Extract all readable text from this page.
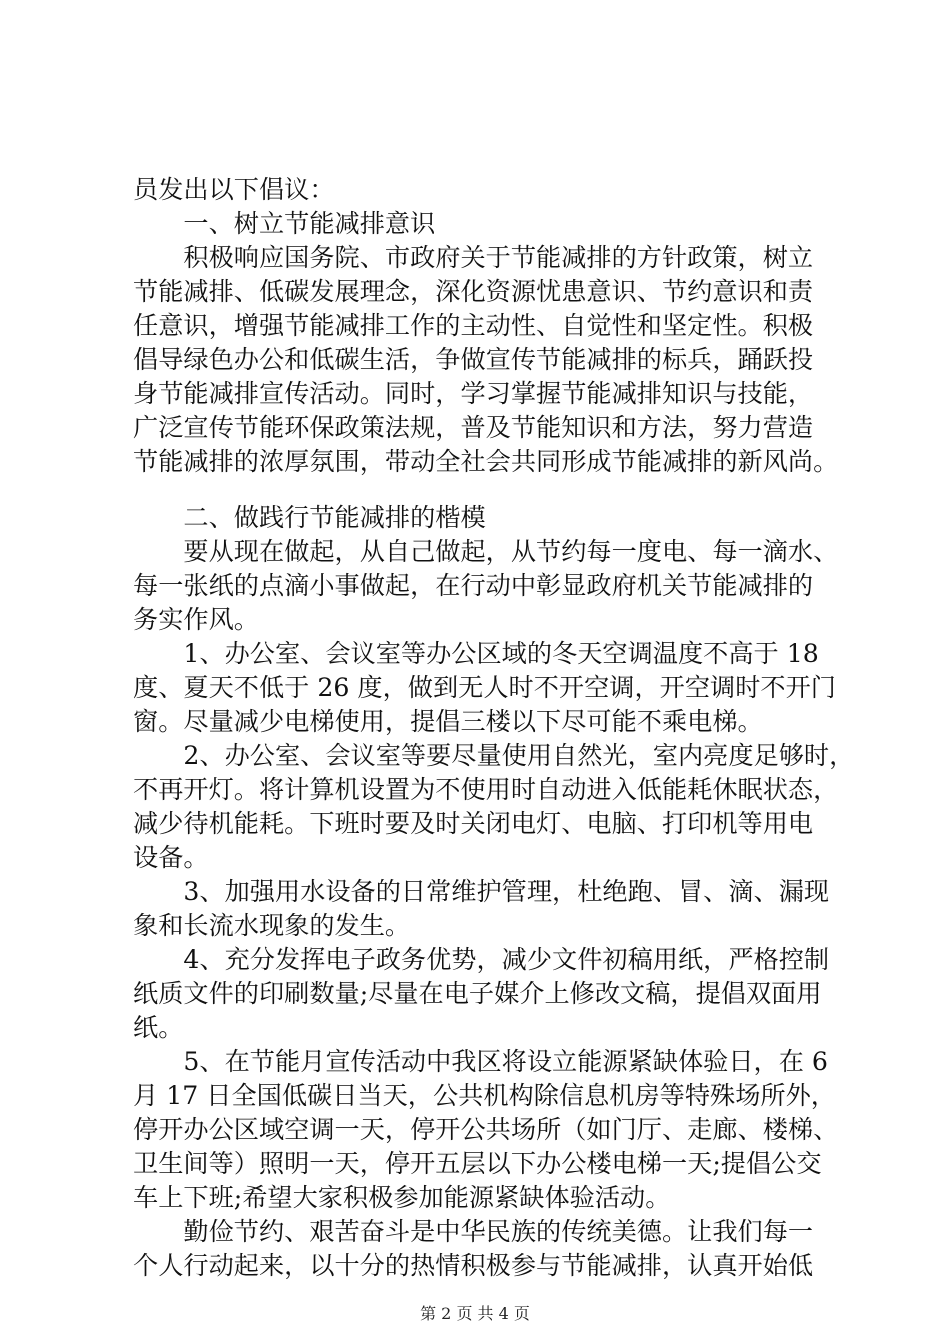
员发出以下倡议：
　　一、树立节能减排意识
　　积极响应国务院、市政府关于节能减排的方针政策，树立
节能减排、低碳发展理念，深化资源忧患意识、节约意识和责
任意识，增强节能减排工作的主动性、自觉性和坚定性。积极
倡导绿色办公和低碳生活，争做宣传节能减排的标兵，踊跃投
身节能减排宣传活动。同时，学习掌握节能减排知识与技能，
广泛宣传节能环保政策法规，普及节能知识和方法，努力营造
节能减排的浓厚氛围，带动全社会共同形成节能减排的新风尚。
　　二、做践行节能减排的楷模
　　要从现在做起，从自己做起，从节约每一度电、每一滴水、
每一张纸的点滴小事做起，在行动中彰显政府机关节能减排的
务实作风。
　　1、办公室、会议室等办公区域的冬天空调温度不高于 18
度、夏天不低于 26 度，做到无人时不开空调，开空调时不开门
窗。尽量减少电梯使用，提倡三楼以下尽可能不乘电梯。
　　2、办公室、会议室等要尽量使用自然光，室内亮度足够时，
不再开灯。将计算机设置为不使用时自动进入低能耗休眠状态，
减少待机能耗。下班时要及时关闭电灯、电脑、打印机等用电
设备。
　　3、加强用水设备的日常维护管理，杜绝跑、冒、滴、漏现
象和长流水现象的发生。
　　4、充分发挥电子政务优势，减少文件初稿用纸，严格控制
纸质文件的印刷数量;尽量在电子媒介上修改文稿，提倡双面用
纸。
　　5、在节能月宣传活动中我区将设立能源紧缺体验日，在 6
月 17 日全国低碳日当天，公共机构除信息机房等特殊场所外，
停开办公区域空调一天，停开公共场所（如门厅、走廊、楼梯、
卫生间等）照明一天，停开五层以下办公楼电梯一天;提倡公交
车上下班;希望大家积极参加能源紧缺体验活动。
　　勤俭节约、艰苦奋斗是中华民族的传统美德。让我们每一
个人行动起来，以十分的热情积极参与节能减排，认真开始低
第 2 页 共 4 页
